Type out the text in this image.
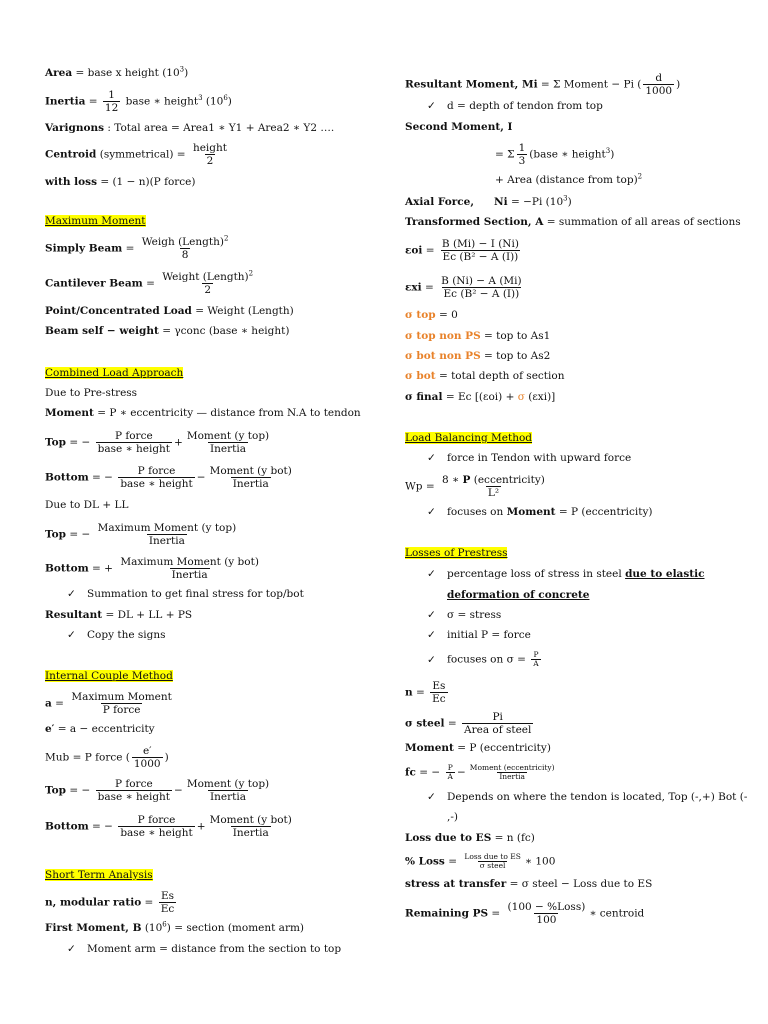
Area = base x height $(10^3)$
Inertia = $\frac{1}{12}$ base ∗ height$^3$ $(10^6)$
Varignons : Total area = Area1 ∗ Y1 + Area2 ∗ Y2 ….
Centroid (symmetrical) = $\frac{\text{height}}{2}$
with loss = (1 − n)(P force)
Maximum Moment
Simply Beam = $\frac{Weigh (Length)^2}{8}$
Cantilever Beam = $\frac{Weight (Length)^2}{2}$
Point/Concentrated Load = Weight (Length)
Beam self − weight = γconc (base ∗ height)
Combined Load Approach
Due to Pre-stress
Moment = P ∗ eccentricity — distance from N.A to tendon
Top = − $\frac{\text{P force}}{\text{base ∗ height}} + \frac{\text{Moment (y top)}}{\text{Inertia}}$
Bottom = − $\frac{\text{P force}}{\text{base ∗ height}} - \frac{\text{Moment (y bot)}}{\text{Inertia}}$
Due to DL + LL
Top = − $\frac{\text{Maximum Moment (y top)}}{\text{Inertia}}$
Bottom = + $\frac{\text{Maximum Moment (y bot)}}{\text{Inertia}}$
✓ Summation to get final stress for top/bot
Resultant = DL + LL + PS
✓ Copy the signs
Internal Couple Method
$a = \frac{\text{Maximum Moment}}{\text{P force}}$
e′ = a − eccentricity
Mub = P force ( $\frac{e'}{1000}$ )
Top = − $\frac{\text{P force}}{\text{base ∗ height}} - \frac{\text{Moment (y top)}}{\text{Inertia}}$
Bottom = − $\frac{\text{P force}}{\text{base ∗ height}} + \frac{\text{Moment (y bot)}}{\text{Inertia}}$
Short Term Analysis
n, modular ratio = $\frac{Es}{Ec}$
First Moment, B $(10^6)$ = section (moment arm)
✓ Moment arm = distance from the section to top
Resultant Moment, Mi = Σ Moment − Pi ( $\frac{d}{1000}$ )
✓ d = depth of tendon from top
Second Moment, I
= Σ $\frac{1}{3}$ (base ∗ height$^3$)
+ Area (distance from top)$^2$
Axial Force, Ni = −Pi $(10^3)$
Transformed Section, A = summation of all areas of sections
$\varepsilon oi = \frac{B (Mi) - I (Ni)}{\text{Ec (B² − A (I))}}$
$\varepsilon xi = \frac{B (Ni) - A (Mi)}{\text{Ec (B² − A (I))}}$
σ top = 0
σ top non PS = top to As1
σ bot non PS = top to As2
σ bot = total depth of section
σ final = Ec [(εoi) + σ (εxi)]
Load Balancing Method
✓ force in Tendon with upward force
$Wp = \frac{\text{8 ∗ P (eccentricity)}}{\text{L²}}$
✓ focuses on Moment = P (eccentricity)
Losses of Prestress
✓ percentage loss of stress in steel due to elastic
deformation of concrete
✓ σ = stress
✓ initial P = force
✓ focuses on $\sigma = \frac{P}{A}$
$n = \frac{Es}{Ec}$
σ steel = $\frac{Pi}{\text{Area of steel}}$
Moment = P (eccentricity)
fc = − $\frac{P}{A} - \frac{\text{Moment (eccentricity)}}{\text{Inertia}}$
✓ Depends on where the tendon is located, Top (-,+) Bot (-
,-)
Loss due to ES = n (fc)
% Loss = $\frac{\text{Loss due to ES}}{\text{σ steel}}$ ∗ 100
stress at transfer = σ steel − Loss due to ES
Remaining PS = $\frac{\text{(100 − \%Loss)}}{100}$ ∗ centroid
